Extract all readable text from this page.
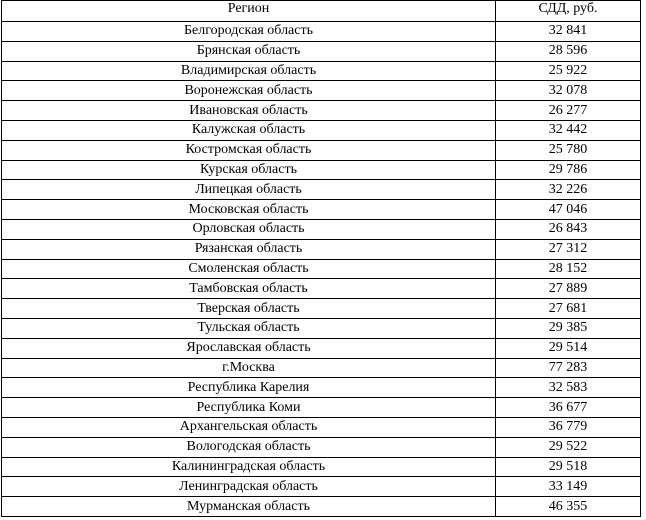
Регион	СДД, руб.
Белгородская область	32 841
Брянская область	28 596
Владимирская область	25 922
Воронежская область	32 078
Ивановская область	26 277
Калужская область	32 442
Костромская область	25 780
Курская область	29 786
Липецкая область	32 226
Московская область	47 046
Орловская область	26 843
Рязанская область	27 312
Смоленская область	28 152
Тамбовская область	27 889
Тверская область	27 681
Тульская область	29 385
Ярославская область	29 514
г.Москва	77 283
Республика Карелия	32 583
Республика Коми	36 677
Архангельская область	36 779
Вологодская область	29 522
Калининградская область	29 518
Ленинградская область	33 149
Мурманская область	46 355
